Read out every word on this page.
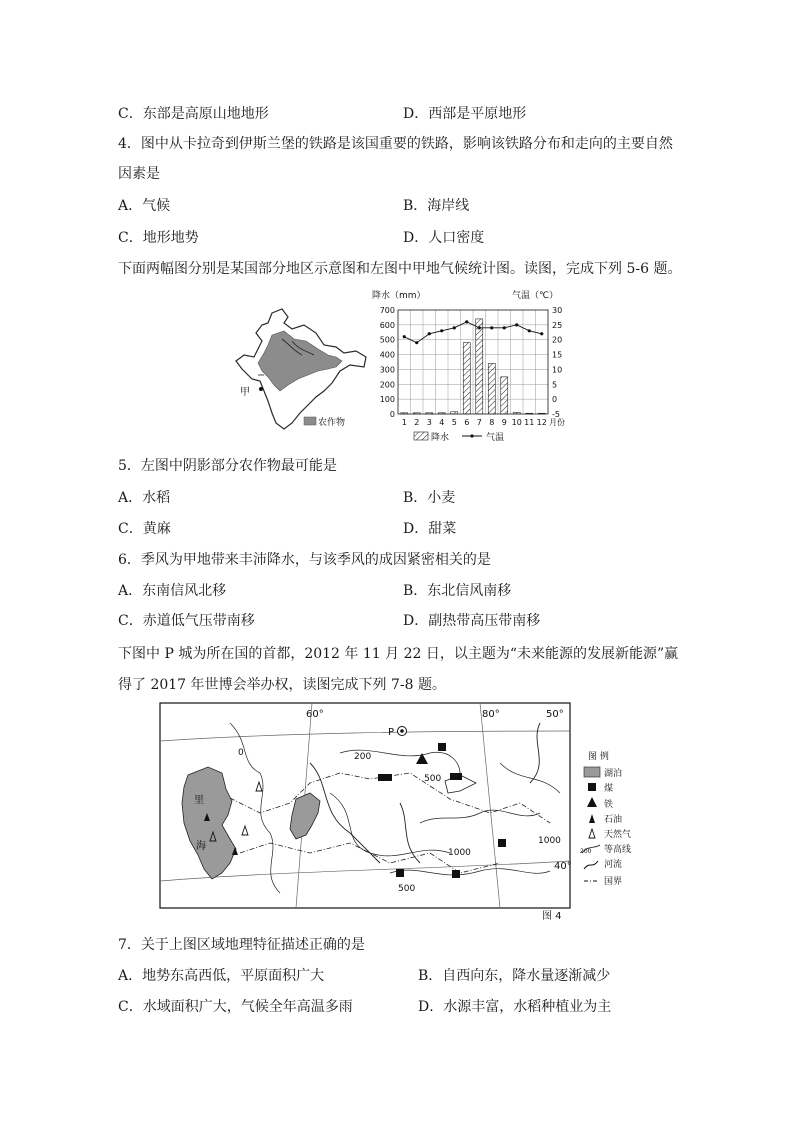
C．东部是高原山地地形	D．西部是平原地形
4．图中从卡拉奇到伊斯兰堡的铁路是该国重要的铁路，影响该铁路分布和走向的主要自然
因素是
A．气候	B．海岸线
C．地形地势	D．人口密度
下面两幅图分别是某国部分地区示意图和左图中甲地气候统计图。读图，完成下列 5-6 题。
甲
农作物
降水（mm）	气温（℃）
0
100
200
300
400
500
600
700
-5
0
5
10
15
20
25
30
1 2 3 4 5 6 7 8 9 10 11 12 月份
降水	气温
5．左图中阴影部分农作物最可能是
A．水稻	B．小麦
C．黄麻	D．甜菜
6．季风为甲地带来丰沛降水，与该季风的成因紧密相关的是
A．东南信风北移	B．东北信风南移
C．赤道低气压带南移	D．副热带高压带南移
下图中 P 城为所在国的首都，2012 年 11 月 22 日，以主题为“未来能源的发展新能源”赢
得了 2017 年世博会举办权，读图完成下列 7-8 题。
60°	80°	50°
40°
里
海
P
0	200
500
1000
1000
500
图 例
湖泊
煤
铁
石油
天然气
200 等高线
河流
国界
图 4
7．关于上图区域地理特征描述正确的是
A．地势东高西低，平原面积广大	B．自西向东，降水量逐渐减少
C．水域面积广大，气候全年高温多雨	D．水源丰富，水稻种植业为主
